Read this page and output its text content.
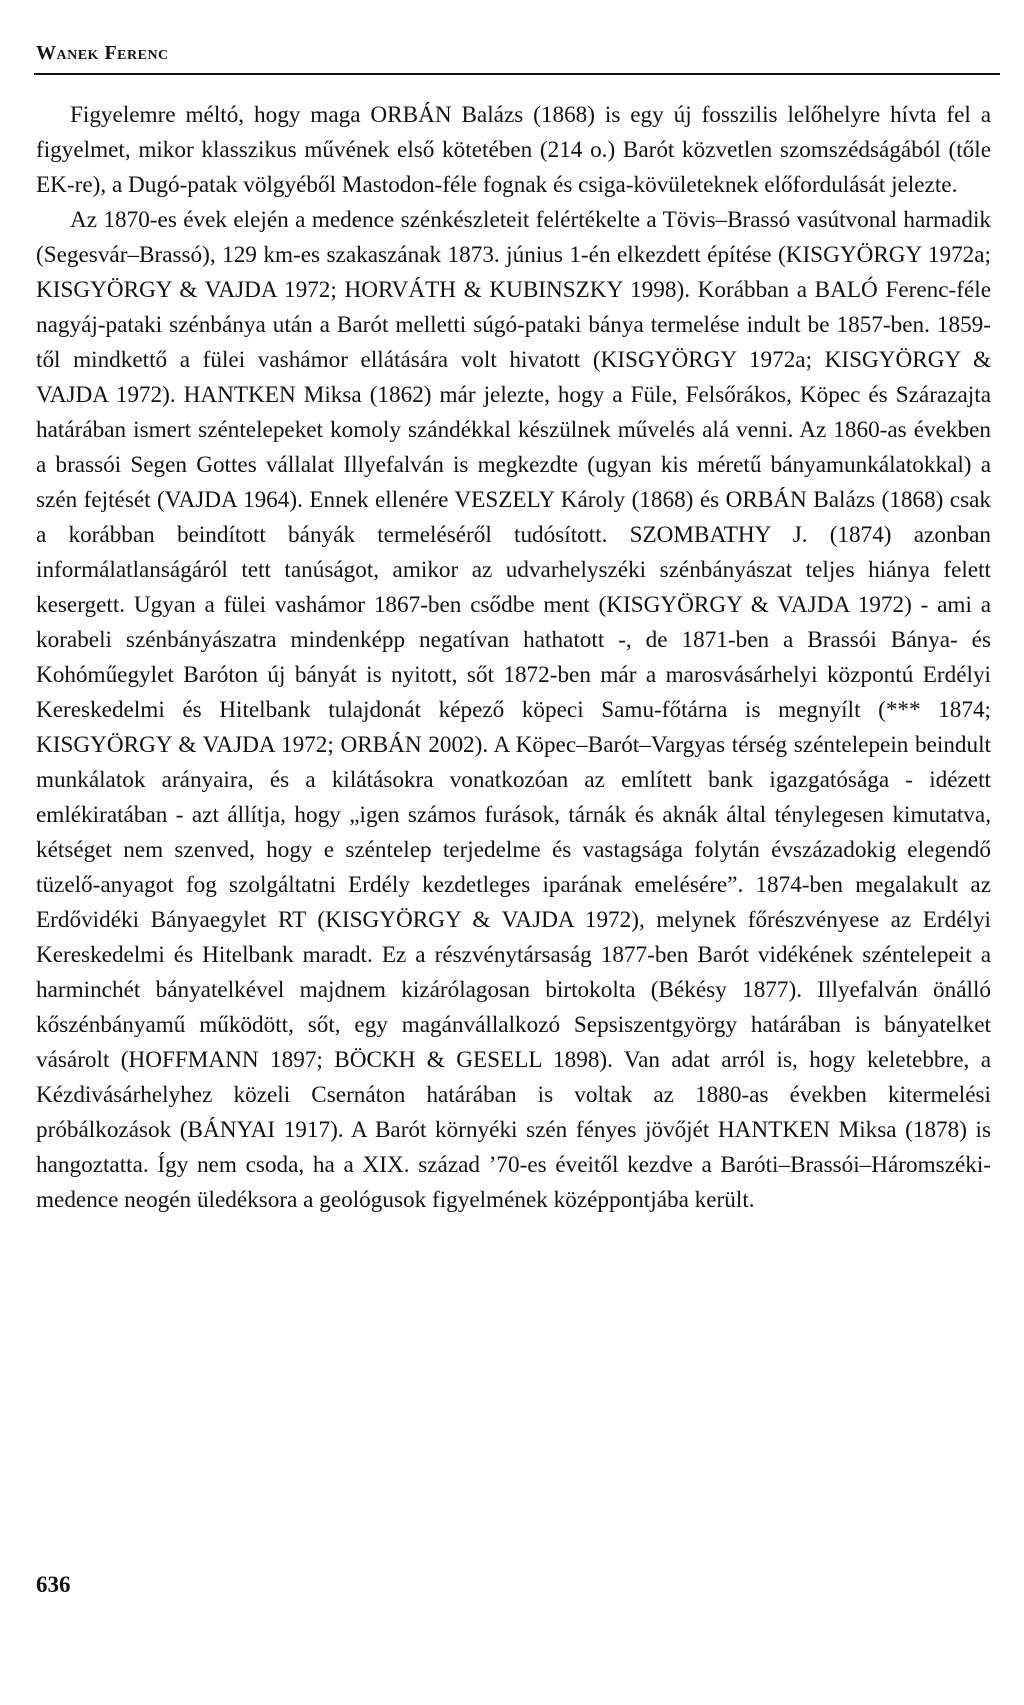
Wanek Ferenc

Figyelemre méltó, hogy maga ORBÁN Balázs (1868) is egy új fosszilis lelőhelyre hívta fel a figyelmet, mikor klasszikus művének első kötetében (214 o.) Barót közvetlen szomszédságából (tőle EK-re), a Dugó-patak völgyéből Mastodon-féle fognak és csiga-kövületeknek előfordulását jelezte.

Az 1870-es évek elején a medence szénkészleteit felértékelte a Tövis–Brassó vasútvonal harmadik (Segesvár–Brassó), 129 km-es szakaszának 1873. június 1-én elkezdett építése (KISGYÖRGY 1972a; KISGYÖRGY & VAJDA 1972; HORVÁTH & KUBINSZKY 1998). Korábban a BALÓ Ferenc-féle nagyáj-pataki szénbánya után a Barót melletti súgó-pataki bánya termelése indult be 1857-ben. 1859-től mindkettő a fülei vashámor ellátására volt hivatott (KISGYÖRGY 1972a; KISGYÖRGY & VAJDA 1972). HANTKEN Miksa (1862) már jelezte, hogy a Füle, Felsőrákos, Köpec és Szárazajta határában ismert széntelepeket komoly szándékkal készülnek művelés alá venni. Az 1860-as években a brassói Segen Gottes vállalat Illyefalván is megkezdte (ugyan kis méretű bányamunkálatokkal) a szén fejtését (VAJDA 1964). Ennek ellenére VESZELY Károly (1868) és ORBÁN Balázs (1868) csak a korábban beindított bányák termeléséről tudósított. SZOMBATHY J. (1874) azonban informálatlanságáról tett tanúságot, amikor az udvarhelyszéki szénbányászat teljes hiánya felett kesergett. Ugyan a fülei vashámor 1867-ben csődbe ment (KISGYÖRGY & VAJDA 1972) - ami a korabeli szénbányászatra mindenképp negatívan hathatott -, de 1871-ben a Brassói Bánya- és Kohóműegylet Baróton új bányát is nyitott, sőt 1872-ben már a marosvásárhelyi központú Erdélyi Kereskedelmi és Hitelbank tulajdonát képező köpeci Samu-főtárna is megnyílt (*** 1874; KISGYÖRGY & VAJDA 1972; ORBÁN 2002). A Köpec–Barót–Vargyas térség széntelepein beindult munkálatok arányaira, és a kilátásokra vonatkozóan az említett bank igazgatósága - idézett emlékiratában - azt állítja, hogy „igen számos furások, tárnák és aknák által ténylegesen kimutatva, kétséget nem szenved, hogy e széntelep terjedelme és vastagsága folytán évszázadokig elegendő tüzelő-anyagot fog szolgáltatni Erdély kezdetleges iparának emelésére”. 1874-ben megalakult az Erdővidéki Bányaegylet RT (KISGYÖRGY & VAJDA 1972), melynek főrészvényese az Erdélyi Kereskedelmi és Hitelbank maradt. Ez a részvénytársaság 1877-ben Barót vidékének széntelepeit a harminchét bányatelkével majdnem kizárólagosan birtokolta (Békésy 1877). Illyefalván önálló kőszénbányamű működött, sőt, egy magánvállalkozó Sepsiszentgyörgy határában is bányatelket vásárolt (HOFFMANN 1897; BÖCKH & GESELL 1898). Van adat arról is, hogy keletebbre, a Kézdivásárhelyhez közeli Csernáton határában is voltak az 1880-as években kitermelési próbálkozások (BÁNYAI 1917). A Barót környéki szén fényes jövőjét HANTKEN Miksa (1878) is hangoztatta. Így nem csoda, ha a XIX. század ’70-es éveitől kezdve a Baróti–Brassói–Háromszéki-medence neogén üledéksora a geológusok figyelmének középpontjába került.

636
